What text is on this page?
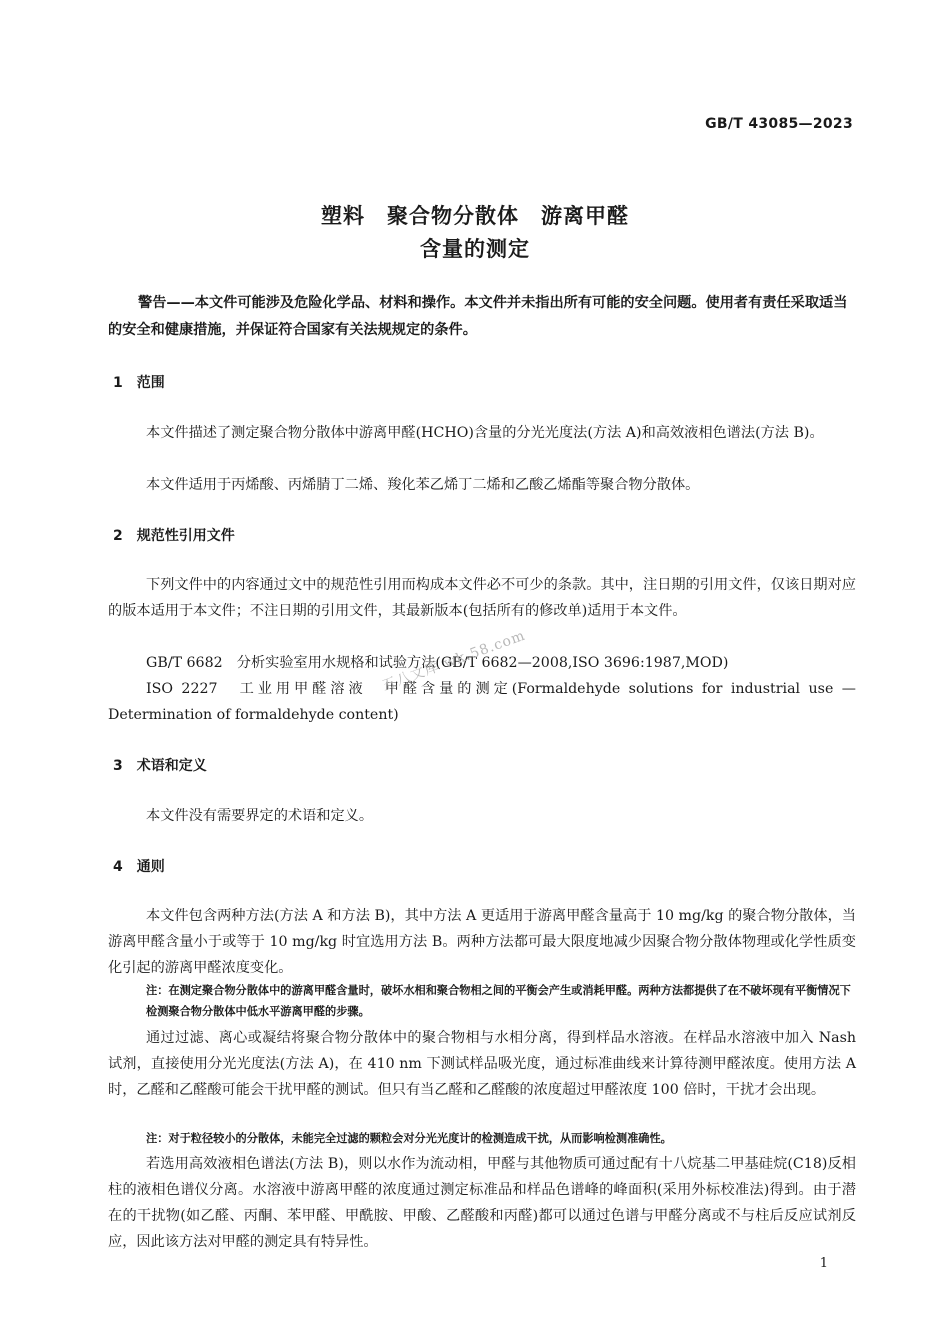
GB/T 43085—2023
塑料　聚合物分散体　游离甲醛
含量的测定
警告——本文件可能涉及危险化学品、材料和操作。本文件并未指出所有可能的安全问题。使用者有责任采取适当的安全和健康措施，并保证符合国家有关法规规定的条件。
1　范围
本文件描述了测定聚合物分散体中游离甲醛(HCHO)含量的分光光度法(方法 A)和高效液相色谱法(方法 B)。
本文件适用于丙烯酸、丙烯腈丁二烯、羧化苯乙烯丁二烯和乙酸乙烯酯等聚合物分散体。
2　规范性引用文件
下列文件中的内容通过文中的规范性引用而构成本文件必不可少的条款。其中，注日期的引用文件，仅该日期对应的版本适用于本文件；不注日期的引用文件，其最新版本(包括所有的修改单)适用于本文件。
GB/T 6682　分析实验室用水规格和试验方法(GB/T 6682—2008,ISO 3696:1987,MOD)
ISO 2227　工业用甲醛溶液　甲醛含量的测定(Formaldehyde solutions for industrial use — Determination of formaldehyde content)
3　术语和定义
本文件没有需要界定的术语和定义。
4　通则
本文件包含两种方法(方法 A 和方法 B)，其中方法 A 更适用于游离甲醛含量高于 10 mg/kg 的聚合物分散体，当游离甲醛含量小于或等于 10 mg/kg 时宜选用方法 B。两种方法都可最大限度地减少因聚合物分散体物理或化学性质变化引起的游离甲醛浓度变化。
注：在测定聚合物分散体中的游离甲醛含量时，破坏水相和聚合物相之间的平衡会产生或消耗甲醛。两种方法都提供了在不破坏现有平衡情况下检测聚合物分散体中低水平游离甲醛的步骤。
通过过滤、离心或凝结将聚合物分散体中的聚合物相与水相分离，得到样品水溶液。在样品水溶液中加入 Nash 试剂，直接使用分光光度法(方法 A)，在 410 nm 下测试样品吸光度，通过标准曲线来计算待测甲醛浓度。使用方法 A 时，乙醛和乙醛酸可能会干扰甲醛的测试。但只有当乙醛和乙醛酸的浓度超过甲醛浓度 100 倍时，干扰才会出现。
注：对于粒径较小的分散体，未能完全过滤的颗粒会对分光光度计的检测造成干扰，从而影响检测准确性。
若选用高效液相色谱法(方法 B)，则以水作为流动相，甲醛与其他物质可通过配有十八烷基二甲基硅烷(C18)反相柱的液相色谱仪分离。水溶液中游离甲醛的浓度通过测定标准品和样品色谱峰的峰面积(采用外标校准法)得到。由于潜在的干扰物(如乙醛、丙酮、苯甲醛、甲酰胺、甲酸、乙醛酸和丙醛)都可以通过色谱与甲醛分离或不与柱后反应试剂反应，因此该方法对甲醛的测定具有特异性。
1
五八文库 wk.58.com
